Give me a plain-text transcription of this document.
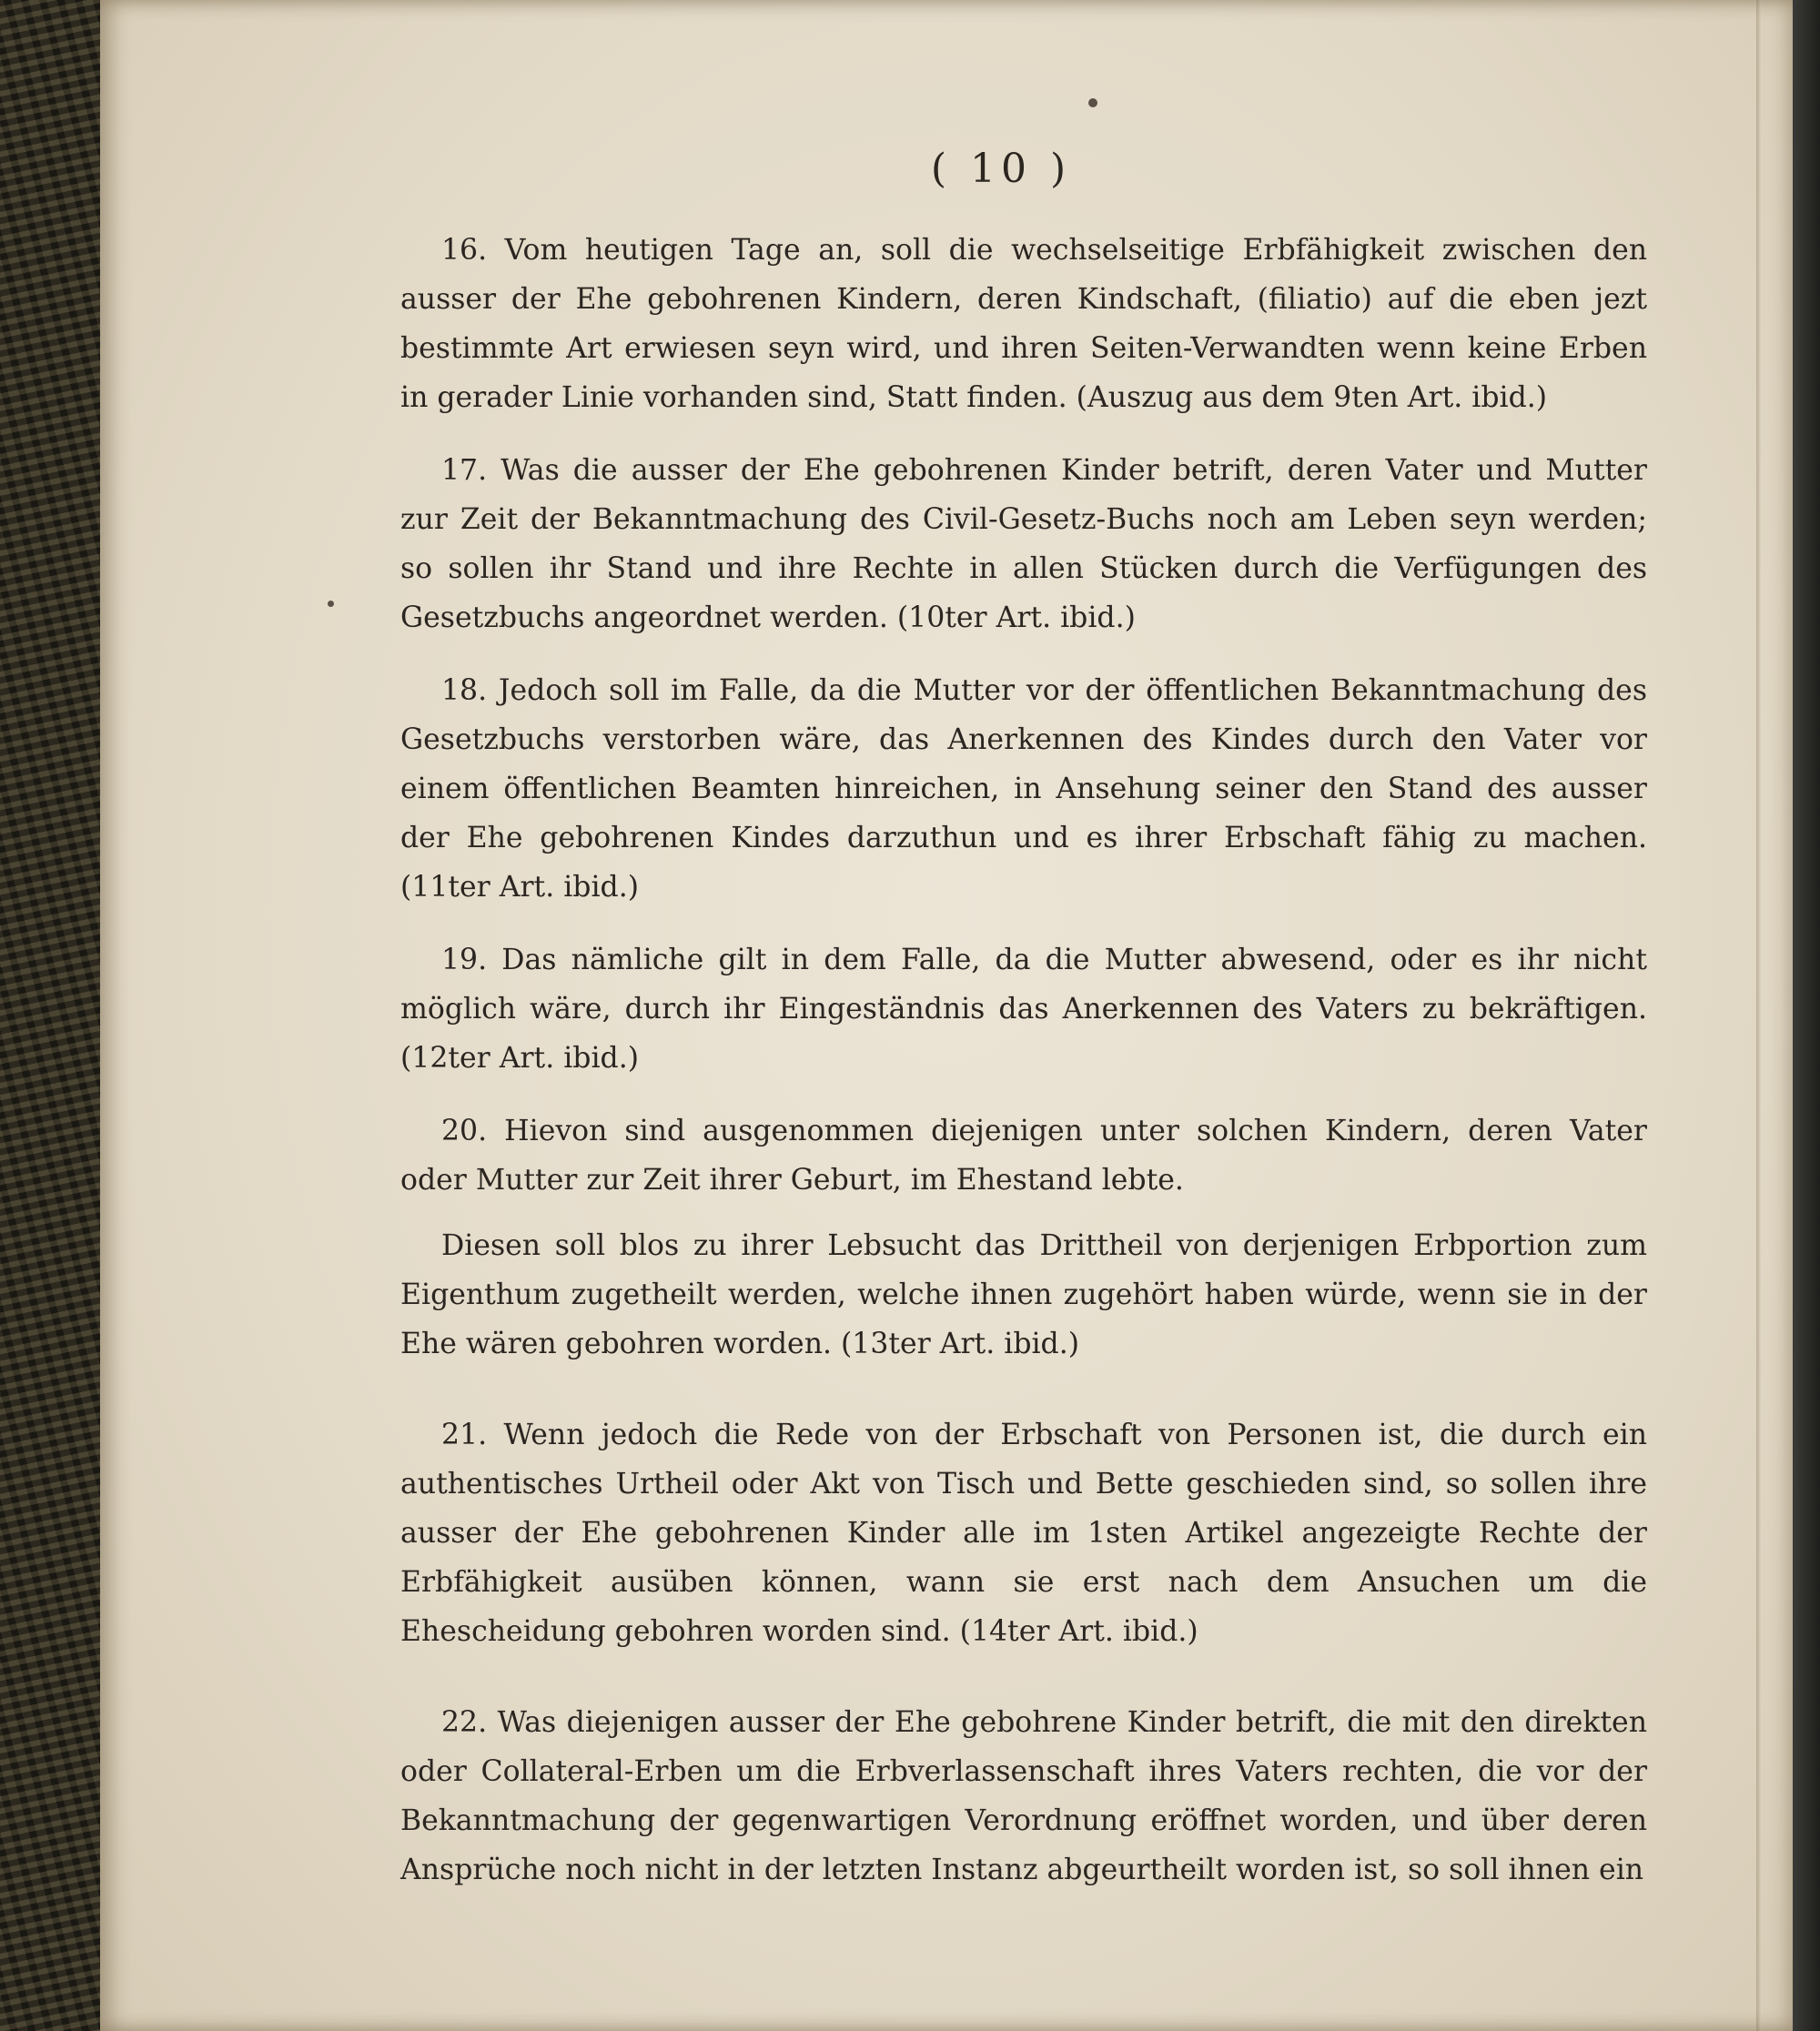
( 10 )

16. Vom heutigen Tage an, soll die wechselseitige Erbfähigkeit zwischen den ausser der Ehe gebohrenen Kindern, deren Kindschaft, (filiatio) auf die eben jezt bestimmte Art erwiesen seyn wird, und ihren Seiten-Verwandten wenn keine Erben in gerader Linie vorhanden sind, Statt finden. (Auszug aus dem 9ten Art. ibid.)

17. Was die ausser der Ehe gebohrenen Kinder betrift, deren Vater und Mutter zur Zeit der Bekanntmachung des Civil-Gesetz-Buchs noch am Leben seyn werden; so sollen ihr Stand und ihre Rechte in allen Stücken durch die Verfügungen des Gesetzbuchs angeordnet werden. (10ter Art. ibid.)

18. Jedoch soll im Falle, da die Mutter vor der öffentlichen Bekanntmachung des Gesetzbuchs verstorben wäre, das Anerkennen des Kindes durch den Vater vor einem öffentlichen Beamten hinreichen, in Ansehung seiner den Stand des ausser der Ehe gebohrenen Kindes darzuthun und es ihrer Erbschaft fähig zu machen. (11ter Art. ibid.)

19. Das nämliche gilt in dem Falle, da die Mutter abwesend, oder es ihr nicht möglich wäre, durch ihr Eingeständnis das Anerkennen des Vaters zu bekräftigen. (12ter Art. ibid.)

20. Hievon sind ausgenommen diejenigen unter solchen Kindern, deren Vater oder Mutter zur Zeit ihrer Geburt, im Ehestand lebte.

Diesen soll blos zu ihrer Lebsucht das Drittheil von derjenigen Erbportion zum Eigenthum zugetheilt werden, welche ihnen zugehört haben würde, wenn sie in der Ehe wären gebohren worden. (13ter Art. ibid.)

21. Wenn jedoch die Rede von der Erbschaft von Personen ist, die durch ein authentisches Urtheil oder Akt von Tisch und Bette geschieden sind, so sollen ihre ausser der Ehe gebohrenen Kinder alle im 1sten Artikel angezeigte Rechte der Erbfähigkeit ausüben können, wann sie erst nach dem Ansuchen um die Ehescheidung gebohren worden sind. (14ter Art. ibid.)

22. Was diejenigen ausser der Ehe gebohrene Kinder betrift, die mit den direkten oder Collateral-Erben um die Erbverlassenschaft ihres Vaters rechten, die vor der Bekanntmachung der gegenwartigen Verordnung eröffnet worden, und über deren Ansprüche noch nicht in der letzten Instanz abgeurtheilt worden ist, so soll ihnen ein
